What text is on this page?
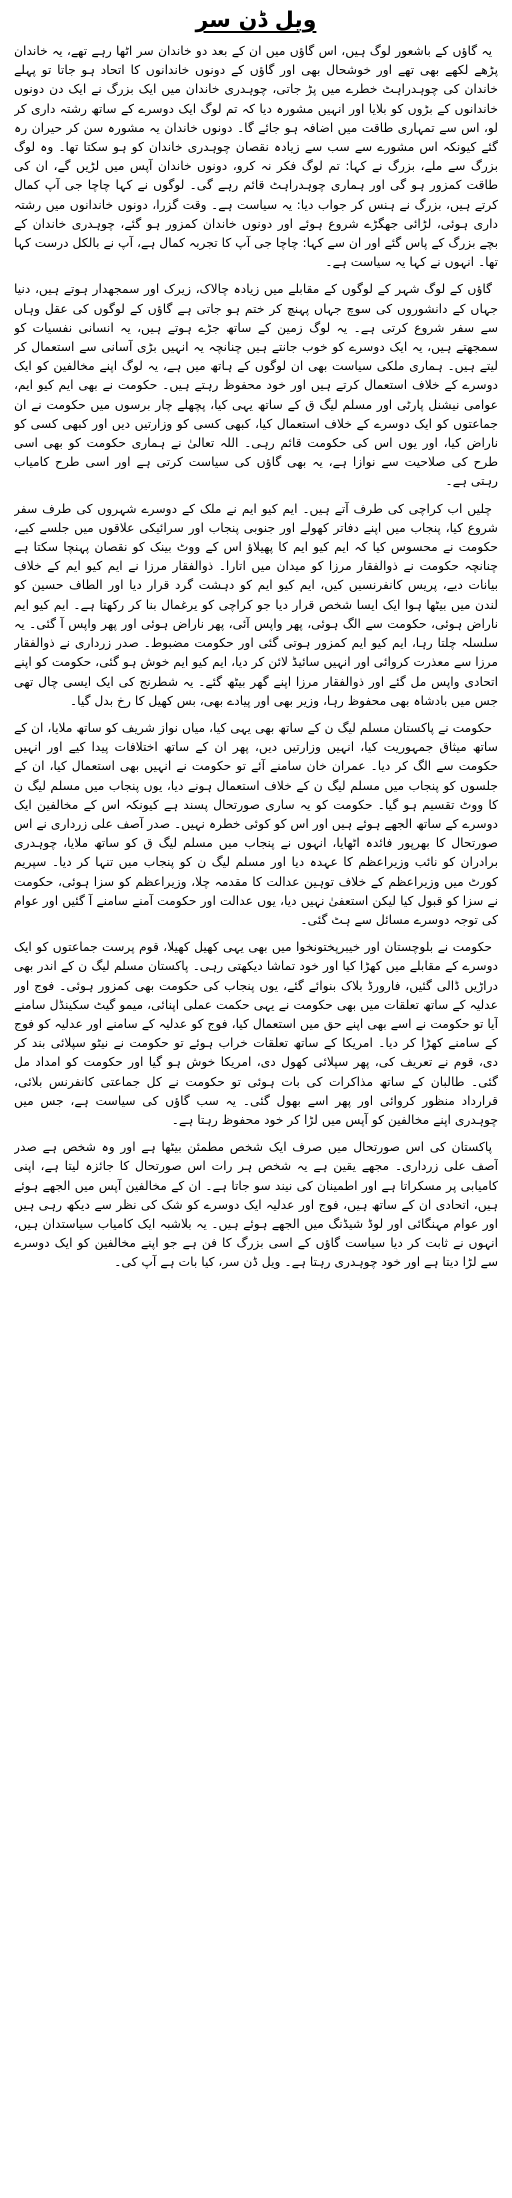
ویل ڈن سر

یہ گاؤں کے باشعور لوگ ہیں، اس گاؤں میں ان کے بعد دو خاندان سر اٹھا رہے تھے، یہ خاندان پڑھے لکھے بھی تھے اور خوشحال بھی اور گاؤں کے دونوں خاندانوں کا اتحاد ہو جاتا تو پہلے خاندان کی چوہدراہٹ خطرے میں پڑ جاتی، چوہدری خاندان میں ایک بزرگ نے ایک دن دونوں خاندانوں کے بڑوں کو بلایا اور انہیں مشورہ دیا کہ تم لوگ ایک دوسرے کے ساتھ رشتہ داری کر لو، اس سے تمہاری طاقت میں اضافہ ہو جائے گا۔ دونوں خاندان یہ مشورہ سن کر حیران رہ گئے کیونکہ اس مشورے سے سب سے زیادہ نقصان چوہدری خاندان کو ہو سکتا تھا۔ وہ لوگ بزرگ سے ملے، بزرگ نے کہا: تم لوگ فکر نہ کرو، دونوں خاندان آپس میں لڑیں گے، ان کی طاقت کمزور ہو گی اور ہماری چوہدراہٹ قائم رہے گی۔ لوگوں نے کہا چاچا جی آپ کمال کرتے ہیں، بزرگ نے ہنس کر جواب دیا: یہ سیاست ہے۔ وقت گزرا، دونوں خاندانوں میں رشتہ داری ہوئی، لڑائی جھگڑے شروع ہوئے اور دونوں خاندان کمزور ہو گئے، چوہدری خاندان کے بچے بزرگ کے پاس گئے اور ان سے کہا: چاچا جی آپ کا تجربہ کمال ہے، آپ نے بالکل درست کہا تھا۔ انہوں نے کہا یہ سیاست ہے۔

گاؤں کے لوگ شہر کے لوگوں کے مقابلے میں زیادہ چالاک، زیرک اور سمجھدار ہوتے ہیں، دنیا جہاں کے دانشوروں کی سوچ جہاں پہنچ کر ختم ہو جاتی ہے گاؤں کے لوگوں کی عقل وہاں سے سفر شروع کرتی ہے۔ یہ لوگ زمین کے ساتھ جڑے ہوتے ہیں، یہ انسانی نفسیات کو سمجھتے ہیں، یہ ایک دوسرے کو خوب جانتے ہیں چنانچہ یہ انہیں بڑی آسانی سے استعمال کر لیتے ہیں۔ ہماری ملکی سیاست بھی ان لوگوں کے ہاتھ میں ہے، یہ لوگ اپنے مخالفین کو ایک دوسرے کے خلاف استعمال کرتے ہیں اور خود محفوظ رہتے ہیں۔ حکومت نے بھی ایم کیو ایم، عوامی نیشنل پارٹی اور مسلم لیگ ق کے ساتھ یہی کیا، پچھلے چار برسوں میں حکومت نے ان جماعتوں کو ایک دوسرے کے خلاف استعمال کیا، کبھی کسی کو وزارتیں دیں اور کبھی کسی کو ناراض کیا، اور یوں اس کی حکومت قائم رہی۔ اللہ تعالیٰ نے ہماری حکومت کو بھی اسی طرح کی صلاحیت سے نوازا ہے، یہ بھی گاؤں کی سیاست کرتی ہے اور اسی طرح کامیاب رہتی ہے۔

چلیں اب کراچی کی طرف آتے ہیں۔ ایم کیو ایم نے ملک کے دوسرے شہروں کی طرف سفر شروع کیا، پنجاب میں اپنے دفاتر کھولے اور جنوبی پنجاب اور سرائیکی علاقوں میں جلسے کیے، حکومت نے محسوس کیا کہ ایم کیو ایم کا پھیلاؤ اس کے ووٹ بینک کو نقصان پہنچا سکتا ہے چنانچہ حکومت نے ذوالفقار مرزا کو میدان میں اتارا۔ ذوالفقار مرزا نے ایم کیو ایم کے خلاف بیانات دیے، پریس کانفرنسیں کیں، ایم کیو ایم کو دہشت گرد قرار دیا اور الطاف حسین کو لندن میں بیٹھا ہوا ایک ایسا شخص قرار دیا جو کراچی کو یرغمال بنا کر رکھتا ہے۔ ایم کیو ایم ناراض ہوئی، حکومت سے الگ ہوئی، پھر واپس آئی، پھر ناراض ہوئی اور پھر واپس آ گئی۔ یہ سلسلہ چلتا رہا، ایم کیو ایم کمزور ہوتی گئی اور حکومت مضبوط۔ صدر زرداری نے ذوالفقار مرزا سے معذرت کروائی اور انہیں سائیڈ لائن کر دیا، ایم کیو ایم خوش ہو گئی، حکومت کو اپنے اتحادی واپس مل گئے اور ذوالفقار مرزا اپنے گھر بیٹھ گئے۔ یہ شطرنج کی ایک ایسی چال تھی جس میں بادشاہ بھی محفوظ رہا، وزیر بھی اور پیادے بھی، بس کھیل کا رخ بدل گیا۔

حکومت نے پاکستان مسلم لیگ ن کے ساتھ بھی یہی کیا، میاں نواز شریف کو ساتھ ملایا، ان کے ساتھ میثاق جمہوریت کیا، انہیں وزارتیں دیں، پھر ان کے ساتھ اختلافات پیدا کیے اور انہیں حکومت سے الگ کر دیا۔ عمران خان سامنے آئے تو حکومت نے انہیں بھی استعمال کیا، ان کے جلسوں کو پنجاب میں مسلم لیگ ن کے خلاف استعمال ہونے دیا، یوں پنجاب میں مسلم لیگ ن کا ووٹ تقسیم ہو گیا۔ حکومت کو یہ ساری صورتحال پسند ہے کیونکہ اس کے مخالفین ایک دوسرے کے ساتھ الجھے ہوئے ہیں اور اس کو کوئی خطرہ نہیں۔ صدر آصف علی زرداری نے اس صورتحال کا بھرپور فائدہ اٹھایا، انہوں نے پنجاب میں مسلم لیگ ق کو ساتھ ملایا، چوہدری برادران کو نائب وزیراعظم کا عہدہ دیا اور مسلم لیگ ن کو پنجاب میں تنہا کر دیا۔ سپریم کورٹ میں وزیراعظم کے خلاف توہین عدالت کا مقدمہ چلا، وزیراعظم کو سزا ہوئی، حکومت نے سزا کو قبول کیا لیکن استعفیٰ نہیں دیا، یوں عدالت اور حکومت آمنے سامنے آ گئیں اور عوام کی توجہ دوسرے مسائل سے ہٹ گئی۔

حکومت نے بلوچستان اور خیبرپختونخوا میں بھی یہی کھیل کھیلا، قوم پرست جماعتوں کو ایک دوسرے کے مقابلے میں کھڑا کیا اور خود تماشا دیکھتی رہی۔ پاکستان مسلم لیگ ن کے اندر بھی دراڑیں ڈالی گئیں، فارورڈ بلاک بنوائے گئے، یوں پنجاب کی حکومت بھی کمزور ہوئی۔ فوج اور عدلیہ کے ساتھ تعلقات میں بھی حکومت نے یہی حکمت عملی اپنائی، میمو گیٹ سکینڈل سامنے آیا تو حکومت نے اسے بھی اپنے حق میں استعمال کیا، فوج کو عدلیہ کے سامنے اور عدلیہ کو فوج کے سامنے کھڑا کر دیا۔ امریکا کے ساتھ تعلقات خراب ہوئے تو حکومت نے نیٹو سپلائی بند کر دی، قوم نے تعریف کی، پھر سپلائی کھول دی، امریکا خوش ہو گیا اور حکومت کو امداد مل گئی۔ طالبان کے ساتھ مذاکرات کی بات ہوئی تو حکومت نے کل جماعتی کانفرنس بلائی، قرارداد منظور کروائی اور پھر اسے بھول گئی۔ یہ سب گاؤں کی سیاست ہے، جس میں چوہدری اپنے مخالفین کو آپس میں لڑا کر خود محفوظ رہتا ہے۔

پاکستان کی اس صورتحال میں صرف ایک شخص مطمئن بیٹھا ہے اور وہ شخص ہے صدر آصف علی زرداری۔ مجھے یقین ہے یہ شخص ہر رات اس صورتحال کا جائزہ لیتا ہے، اپنی کامیابی پر مسکراتا ہے اور اطمینان کی نیند سو جاتا ہے۔ ان کے مخالفین آپس میں الجھے ہوئے ہیں، اتحادی ان کے ساتھ ہیں، فوج اور عدلیہ ایک دوسرے کو شک کی نظر سے دیکھ رہی ہیں اور عوام مہنگائی اور لوڈ شیڈنگ میں الجھے ہوئے ہیں۔ یہ بلاشبہ ایک کامیاب سیاستدان ہیں، انہوں نے ثابت کر دیا سیاست گاؤں کے اسی بزرگ کا فن ہے جو اپنے مخالفین کو ایک دوسرے سے لڑا دیتا ہے اور خود چوہدری رہتا ہے۔ ویل ڈن سر، کیا بات ہے آپ کی۔
